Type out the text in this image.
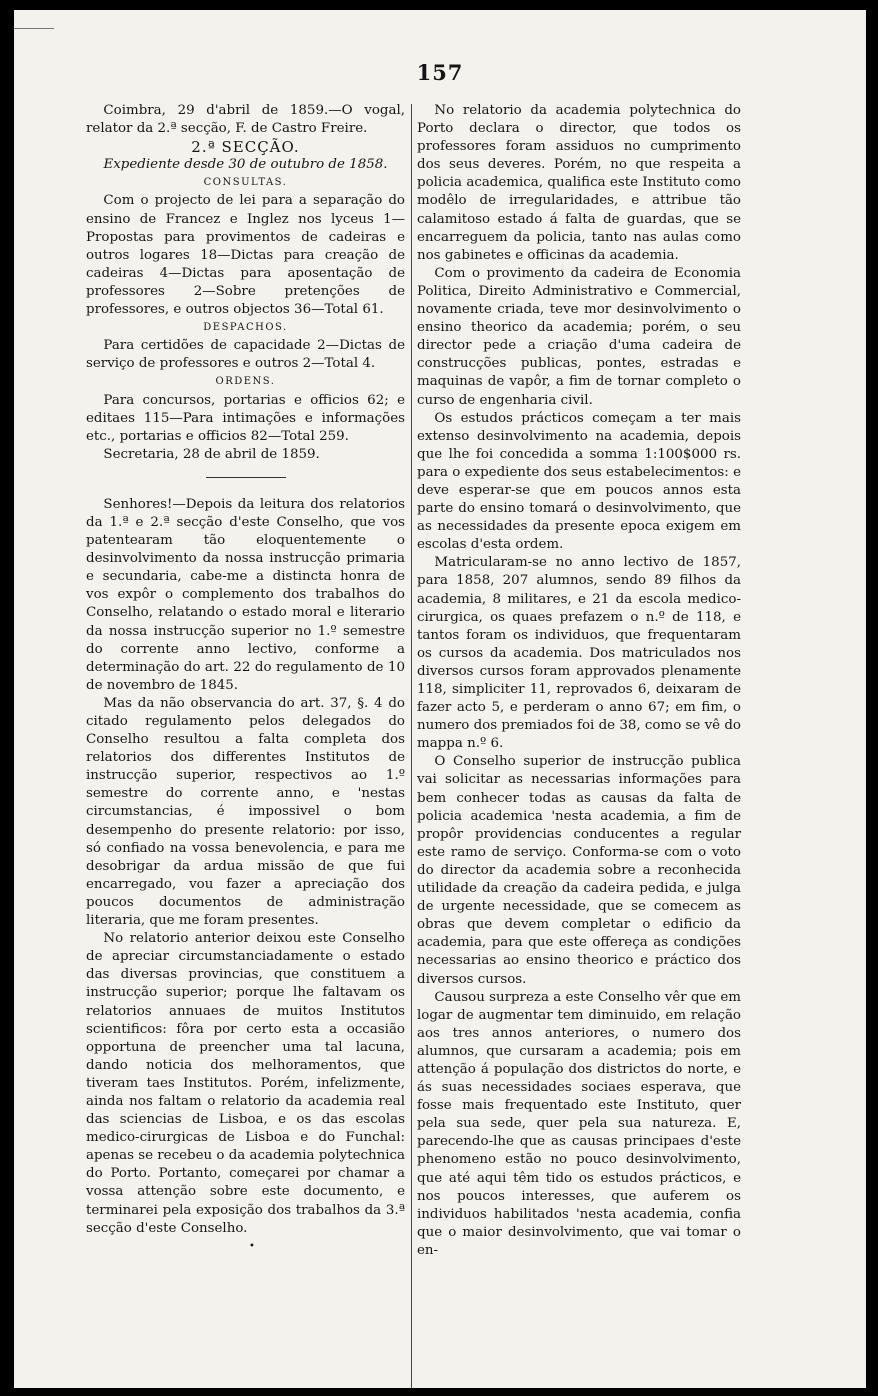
157

Coimbra, 29 d'abril de 1859.—O vogal, relator da 2.ª secção, F. de Castro Freire.

2.ª SECÇÃO.

Expediente desde 30 de outubro de 1858.

CONSULTAS.

Com o projecto de lei para a separação do ensino de Francez e Inglez nos lyceus 1—Propostas para provimentos de cadeiras e outros logares 18—Dictas para creação de cadeiras 4—Dictas para aposentação de professores 2—Sobre pretenções de professores, e outros objectos 36—Total 61.

DESPACHOS.

Para certidões de capacidade 2—Dictas de serviço de professores e outros 2—Total 4.

ORDENS.

Para concursos, portarias e officios 62; e editaes 115—Para intimações e informações etc., portarias e officios 82—Total 259.

Secretaria, 28 de abril de 1859.

Senhores!—Depois da leitura dos relatorios da 1.ª e 2.ª secção d'este Conselho, que vos patentearam tão eloquentemente o desinvolvimento da nossa instrucção primaria e secundaria, cabe-me a distincta honra de vos expôr o complemento dos trabalhos do Conselho, relatando o estado moral e literario da nossa instrucção superior no 1.º semestre do corrente anno lectivo, conforme a determinação do art. 22 do regulamento de 10 de novembro de 1845.

Mas da não observancia do art. 37, §. 4 do citado regulamento pelos delegados do Conselho resultou a falta completa dos relatorios dos differentes Institutos de instrucção superior, respectivos ao 1.º semestre do corrente anno, e 'nestas circumstancias, é impossivel o bom desempenho do presente relatorio: por isso, só confiado na vossa benevolencia, e para me desobrigar da ardua missão de que fui encarregado, vou fazer a apreciação dos poucos documentos de administração literaria, que me foram presentes.

No relatorio anterior deixou este Conselho de apreciar circumstanciadamente o estado das diversas provincias, que constituem a instrucção superior; porque lhe faltavam os relatorios annuaes de muitos Institutos scientificos: fôra por certo esta a occasião opportuna de preencher uma tal lacuna, dando noticia dos melhoramentos, que tiveram taes Institutos. Porém, infelizmente, ainda nos faltam o relatorio da academia real das sciencias de Lisboa, e os das escolas medico-cirurgicas de Lisboa e do Funchal: apenas se recebeu o da academia polytechnica do Porto. Portanto, começarei por chamar a vossa attenção sobre este documento, e terminarei pela exposição dos trabalhos da 3.ª secção d'este Conselho.

•

No relatorio da academia polytechnica do Porto declara o director, que todos os professores foram assiduos no cumprimento dos seus deveres. Porém, no que respeita a policia academica, qualifica este Instituto como modêlo de irregularidades, e attribue tão calamitoso estado á falta de guardas, que se encarreguem da policia, tanto nas aulas como nos gabinetes e officinas da academia.

Com o provimento da cadeira de Economia Politica, Direito Administrativo e Commercial, novamente criada, teve mor desinvolvimento o ensino theorico da academia; porém, o seu director pede a criação d'uma cadeira de construcções publicas, pontes, estradas e maquinas de vapôr, a fim de tornar completo o curso de engenharia civil.

Os estudos prácticos começam a ter mais extenso desinvolvimento na academia, depois que lhe foi concedida a somma 1:100$000 rs. para o expediente dos seus estabelecimentos: e deve esperar-se que em poucos annos esta parte do ensino tomará o desinvolvimento, que as necessidades da presente epoca exigem em escolas d'esta ordem.

Matricularam-se no anno lectivo de 1857, para 1858, 207 alumnos, sendo 89 filhos da academia, 8 militares, e 21 da escola medico-cirurgica, os quaes prefazem o n.º de 118, e tantos foram os individuos, que frequentaram os cursos da academia. Dos matriculados nos diversos cursos foram approvados plenamente 118, simpliciter 11, reprovados 6, deixaram de fazer acto 5, e perderam o anno 67; em fim, o numero dos premiados foi de 38, como se vê do mappa n.º 6.

O Conselho superior de instrucção publica vai solicitar as necessarias informações para bem conhecer todas as causas da falta de policia academica 'nesta academia, a fim de propôr providencias conducentes a regular este ramo de serviço. Conforma-se com o voto do director da academia sobre a reconhecida utilidade da creação da cadeira pedida, e julga de urgente necessidade, que se comecem as obras que devem completar o edificio da academia, para que este offereça as condições necessarias ao ensino theorico e práctico dos diversos cursos.

Causou surpreza a este Conselho vêr que em logar de augmentar tem diminuido, em relação aos tres annos anteriores, o numero dos alumnos, que cursaram a academia; pois em attenção á população dos districtos do norte, e ás suas necessidades sociaes esperava, que fosse mais frequentado este Instituto, quer pela sua sede, quer pela sua natureza. E, parecendo-lhe que as causas principaes d'este phenomeno estão no pouco desinvolvimento, que até aqui têm tido os estudos prácticos, e nos poucos interesses, que auferem os individuos habilitados 'nesta academia, confia que o maior desinvolvimento, que vai tomar o en-
